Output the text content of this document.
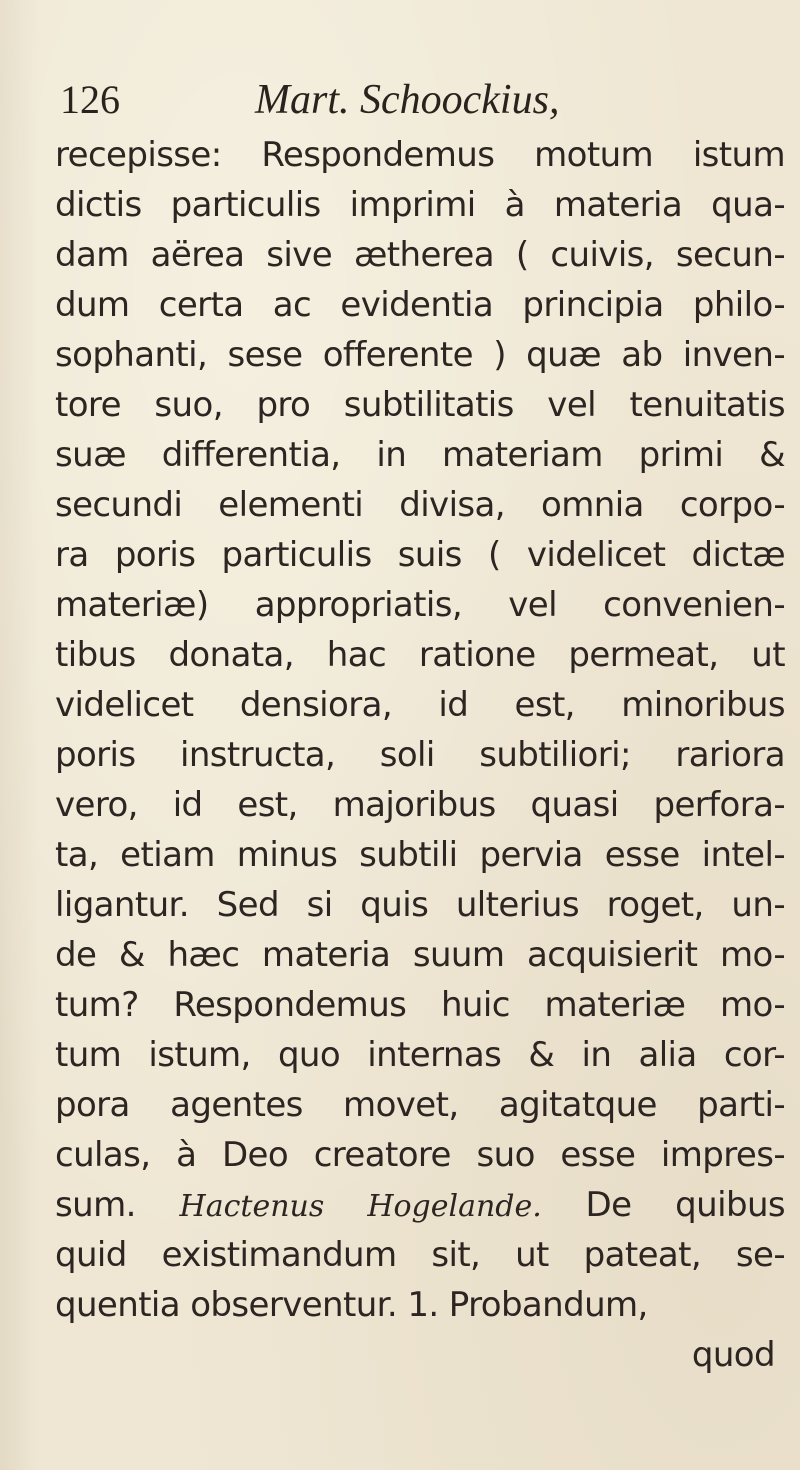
126	Mart. Schoockius,
recepisse: Respondemus motum istum
dictis particulis imprimi à materia qua-
dam aërea sive ætherea ( cuivis, secun-
dum certa ac evidentia principia philo-
sophanti, sese offerente ) quæ ab inven-
tore suo, pro subtilitatis vel tenuitatis
suæ differentia, in materiam primi &
secundi elementi divisa, omnia corpo-
ra poris particulis suis ( videlicet dictæ
materiæ) appropriatis, vel convenien-
tibus donata, hac ratione permeat, ut
videlicet densiora, id est, minoribus
poris instructa, soli subtiliori; rariora
vero, id est, majoribus quasi perfora-
ta, etiam minus subtili pervia esse intel-
ligantur. Sed si quis ulterius roget, un-
de & hæc materia suum acquisierit mo-
tum? Respondemus huic materiæ mo-
tum istum, quo internas & in alia cor-
pora agentes movet, agitatque parti-
culas, à Deo creatore suo esse impres-
sum. Hactenus Hogelande. De quibus
quid existimandum sit, ut pateat, se-
quentia observentur. 1. Probandum,
quod
